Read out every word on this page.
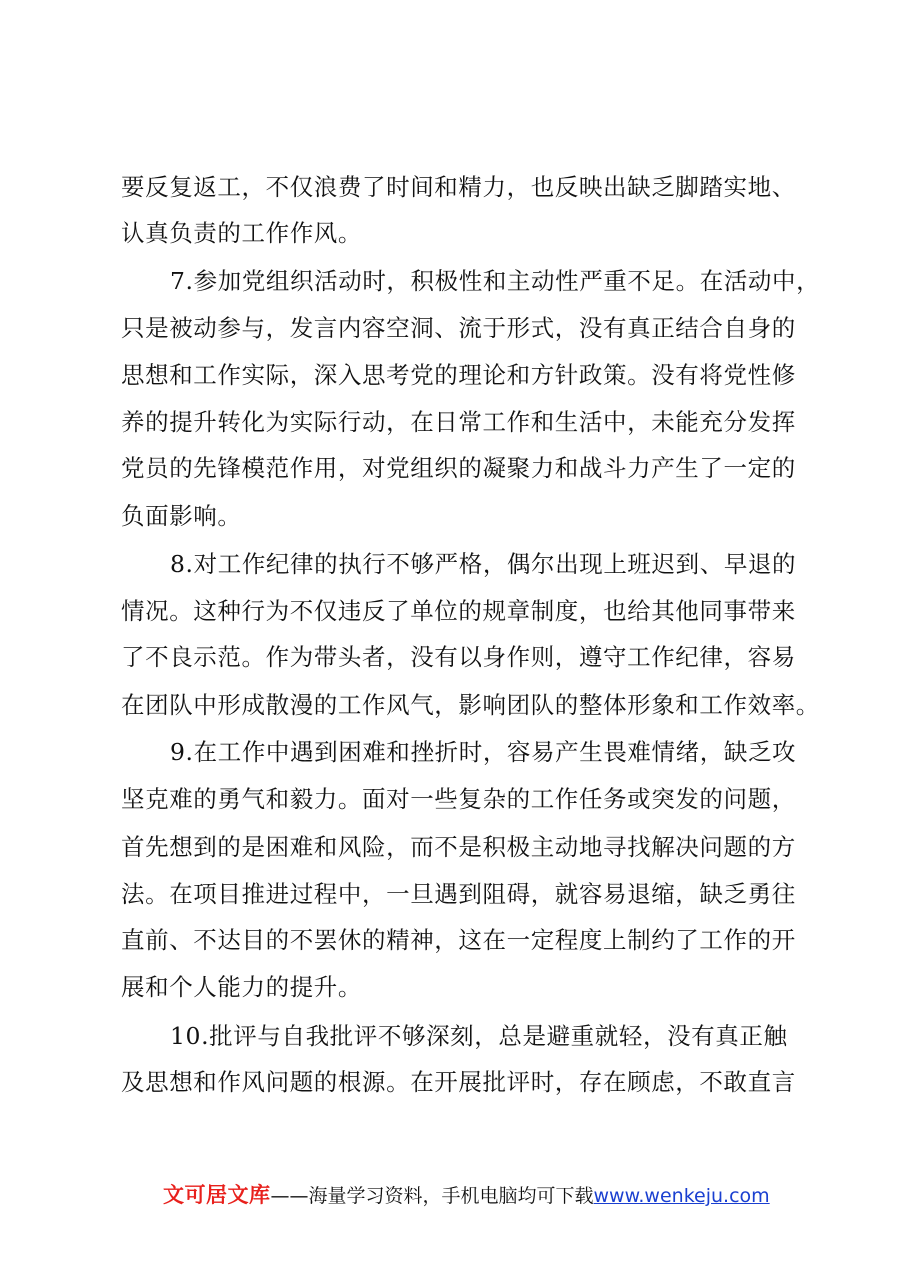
要反复返工，不仅浪费了时间和精力，也反映出缺乏脚踏实地、
认真负责的工作作风。
7.参加党组织活动时，积极性和主动性严重不足。在活动中，
只是被动参与，发言内容空洞、流于形式，没有真正结合自身的
思想和工作实际，深入思考党的理论和方针政策。没有将党性修
养的提升转化为实际行动，在日常工作和生活中，未能充分发挥
党员的先锋模范作用，对党组织的凝聚力和战斗力产生了一定的
负面影响。
8.对工作纪律的执行不够严格，偶尔出现上班迟到、早退的
情况。这种行为不仅违反了单位的规章制度，也给其他同事带来
了不良示范。作为带头者，没有以身作则，遵守工作纪律，容易
在团队中形成散漫的工作风气，影响团队的整体形象和工作效率。
9.在工作中遇到困难和挫折时，容易产生畏难情绪，缺乏攻
坚克难的勇气和毅力。面对一些复杂的工作任务或突发的问题，
首先想到的是困难和风险，而不是积极主动地寻找解决问题的方
法。在项目推进过程中，一旦遇到阻碍，就容易退缩，缺乏勇往
直前、不达目的不罢休的精神，这在一定程度上制约了工作的开
展和个人能力的提升。
10.批评与自我批评不够深刻，总是避重就轻，没有真正触
及思想和作风问题的根源。在开展批评时，存在顾虑，不敢直言
文可居文库——海量学习资料，手机电脑均可下载www.wenkeju.com
